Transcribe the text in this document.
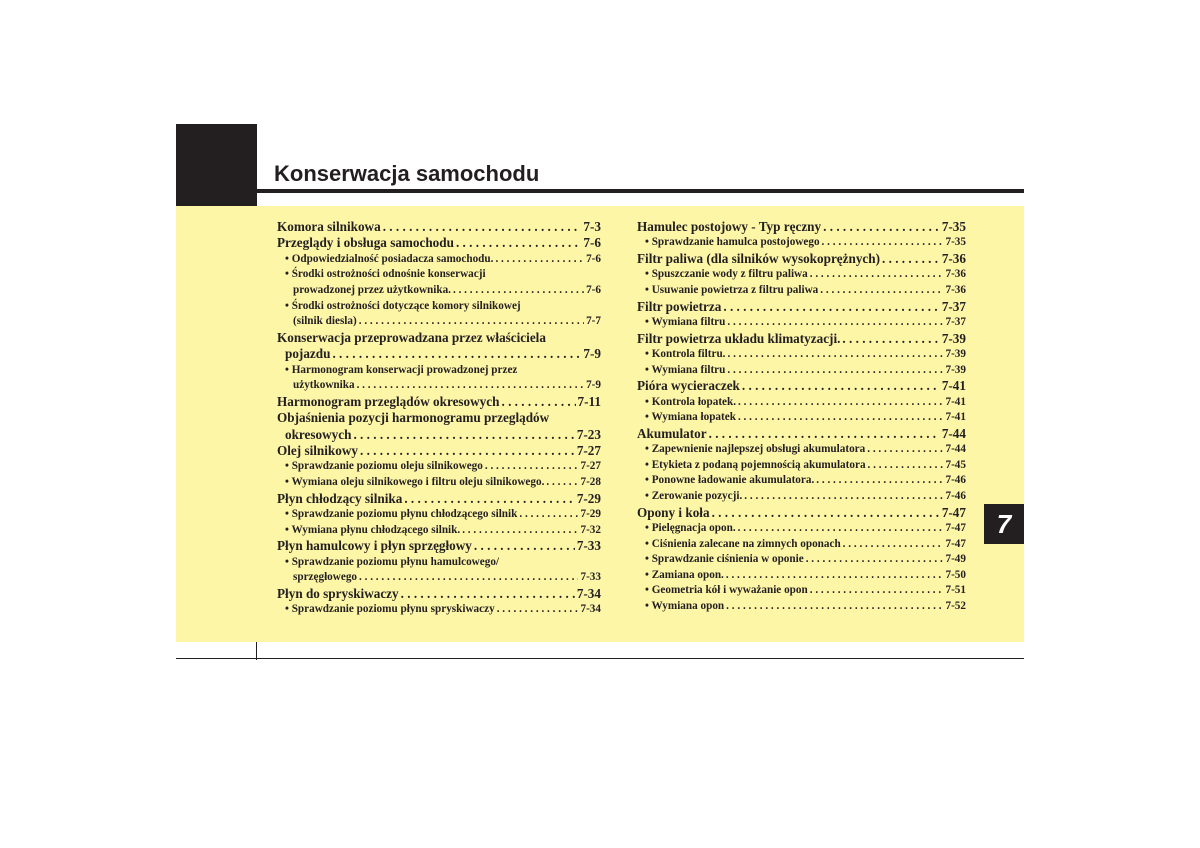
Konserwacja samochodu
7
Komora silnikowa . . .	7-3
Przeglądy i obsługa samochodu . . .	7-6
• Odpowiedzialność posiadacza samochodu. . . .	7-6
• Środki ostrożności odnośnie konserwacji
prowadzonej przez użytkownika. . . .	7-6
• Środki ostrożności dotyczące komory silnikowej
(silnik diesla) . . .	7-7
Konserwacja przeprowadzana przez właściciela
pojazdu . . .	7-9
• Harmonogram konserwacji prowadzonej przez
użytkownika . . .	7-9
Harmonogram przeglądów okresowych . . .	7-11
Objaśnienia pozycji harmonogramu przeglądów
okresowych . . .	7-23
Olej silnikowy . . .	7-27
• Sprawdzanie poziomu oleju silnikowego . . .	7-27
• Wymiana oleju silnikowego i filtru oleju silnikowego. . . .	7-28
Płyn chłodzący silnika . . .	7-29
• Sprawdzanie poziomu płynu chłodzącego silnik . . .	7-29
• Wymiana płynu chłodzącego silnik. . . .	7-32
Płyn hamulcowy i płyn sprzęgłowy . . .	7-33
• Sprawdzanie poziomu płynu hamulcowego/
sprzęgłowego . . .	7-33
Płyn do spryskiwaczy . . .	7-34
• Sprawdzanie poziomu płynu spryskiwaczy . . .	7-34
Hamulec postojowy - Typ ręczny . . .	7-35
• Sprawdzanie hamulca postojowego . . .	7-35
Filtr paliwa (dla silników wysokoprężnych) . . .	7-36
• Spuszczanie wody z filtru paliwa . . .	7-36
• Usuwanie powietrza z filtru paliwa . . .	7-36
Filtr powietrza . . .	7-37
• Wymiana filtru . . .	7-37
Filtr powietrza układu klimatyzacji. . . .	7-39
• Kontrola filtru. . . .	7-39
• Wymiana filtru . . .	7-39
Pióra wycieraczek . . .	7-41
• Kontrola łopatek. . . .	7-41
• Wymiana łopatek . . .	7-41
Akumulator . . .	7-44
• Zapewnienie najlepszej obsługi akumulatora . . .	7-44
• Etykieta z podaną pojemnością akumulatora . . .	7-45
• Ponowne ładowanie akumulatora. . . .	7-46
• Zerowanie pozycji. . . .	7-46
Opony i koła . . .	7-47
• Pielęgnacja opon. . . .	7-47
• Ciśnienia zalecane na zimnych oponach . . .	7-47
• Sprawdzanie ciśnienia w oponie . . .	7-49
• Zamiana opon. . . .	7-50
• Geometria kół i wyważanie opon . . .	7-51
• Wymiana opon . . .	7-52
